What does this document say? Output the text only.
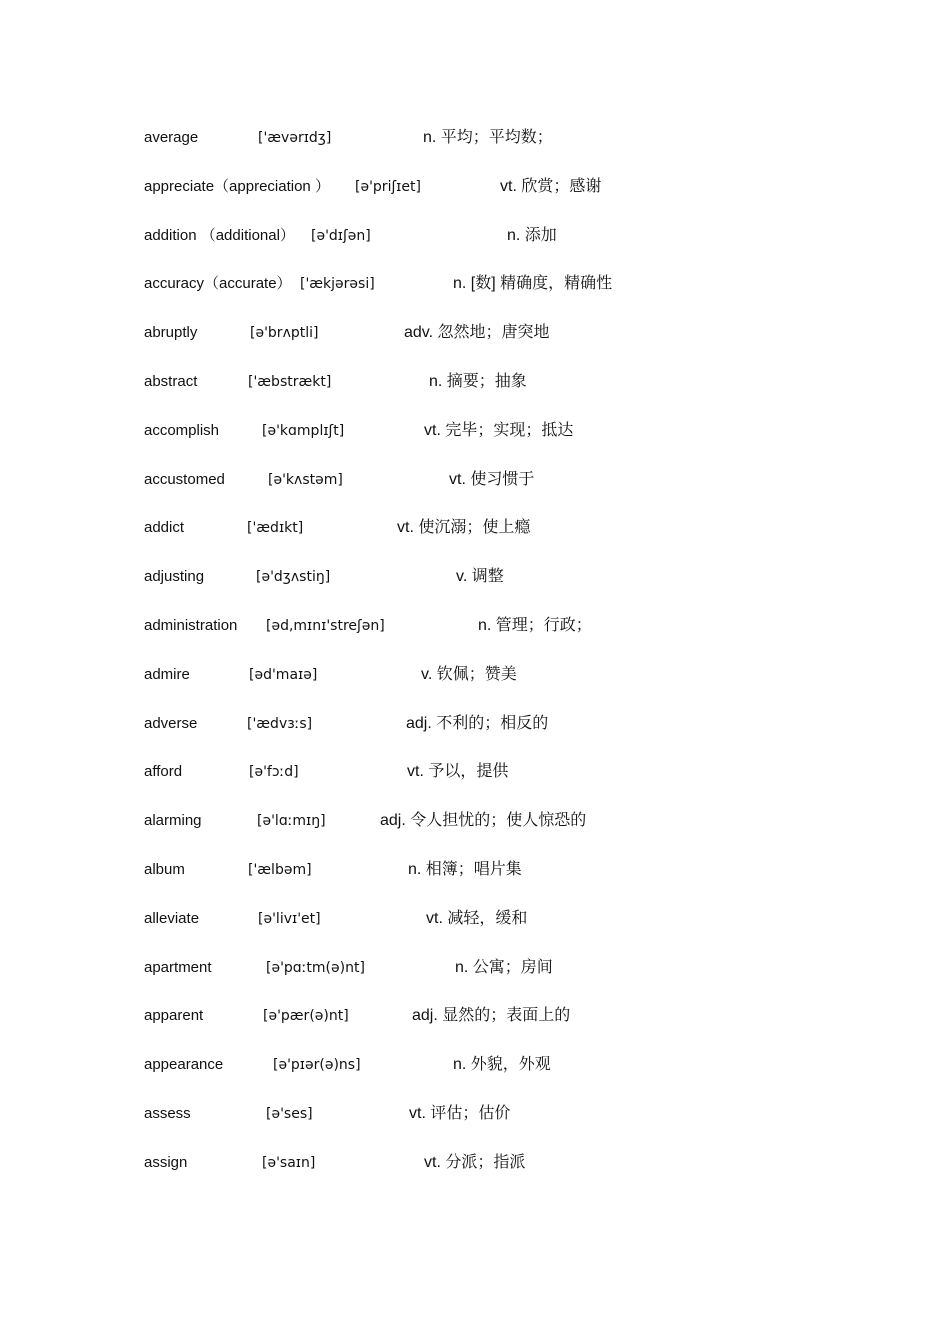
average	['ævərɪdʒ]	n. 平均；平均数；
appreciate（appreciation ） [ə'priʃɪet]	vt. 欣赏；感谢
addition （additional） [ə'dɪʃən]	n. 添加
accuracy（accurate） ['ækjərəsi]	n. [数] 精确度，精确性
abruptly	[ə'brʌptli]	adv. 忽然地；唐突地
abstract	['æbstrækt]	n. 摘要；抽象
accomplish	[ə'kɑmplɪʃt]	vt. 完毕；实现；抵达
accustomed	[ə'kʌstəm]	vt. 使习惯于
addict	['ædɪkt]	vt. 使沉溺；使上瘾
adjusting	[ə'dʒʌstiŋ]	v. 调整
administration [əd,mɪnɪ'streʃən]	n. 管理；行政；
admire	[əd'maɪə]	v. 钦佩；赞美
adverse	['ædvɜːs]	adj. 不利的；相反的
afford	[ə'fɔːd]	vt. 予以，提供
alarming	[ə'lɑːmɪŋ]	adj. 令人担忧的；使人惊恐的
album	['ælbəm]	n. 相簿；唱片集
alleviate	[ə'livɪ'et]	vt. 减轻，缓和
apartment	[ə'pɑːtm(ə)nt]	n. 公寓；房间
apparent	[ə'pær(ə)nt]	adj. 显然的；表面上的
appearance	[ə'pɪər(ə)ns]	n. 外貌，外观
assess	[ə'ses]	vt. 评估；估价
assign	[ə'saɪn]	vt. 分派；指派
